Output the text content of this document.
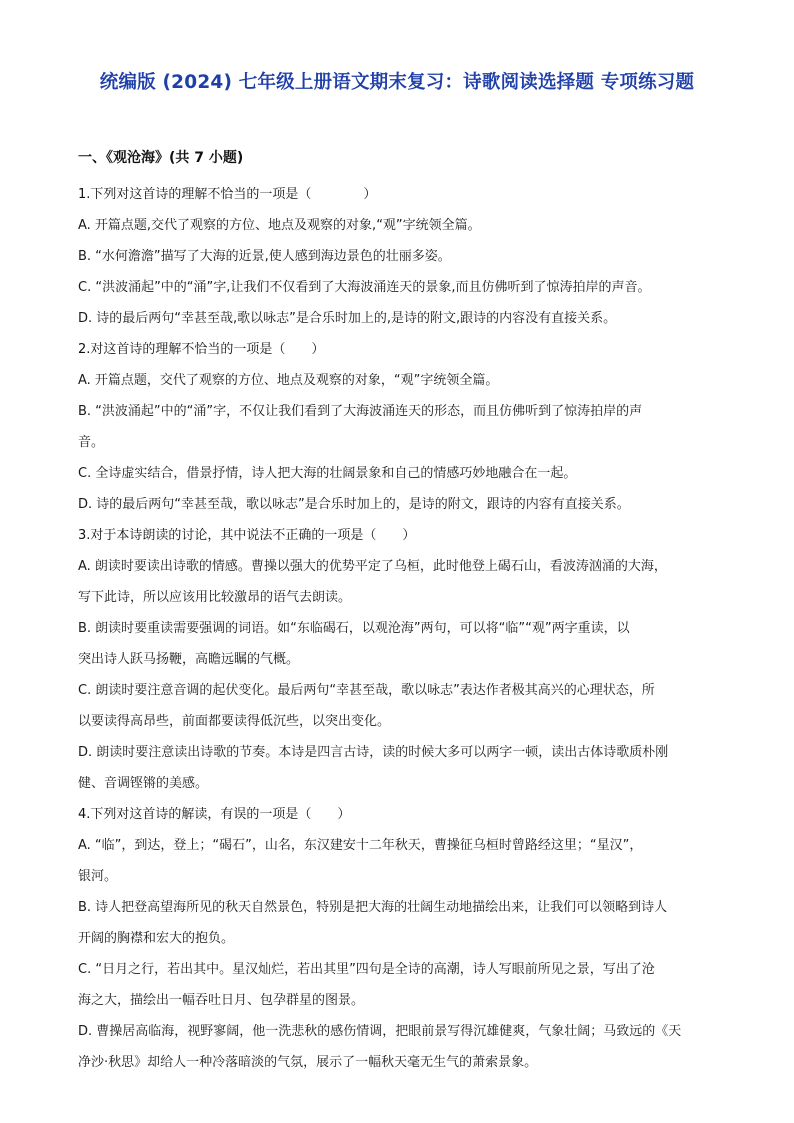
统编版 (2024) 七年级上册语文期末复习：诗歌阅读选择题 专项练习题
一、《观沧海》(共 7 小题)
1.下列对这首诗的理解不恰当的一项是（　　　　）
A. 开篇点题,交代了观察的方位、地点及观察的对象,“观”字统领全篇。
B. “水何澹澹”描写了大海的近景,使人感到海边景色的壮丽多姿。
C. “洪波涌起”中的“涌”字,让我们不仅看到了大海波涌连天的景象,而且仿佛听到了惊涛拍岸的声音。
D. 诗的最后两句“幸甚至哉,歌以咏志”是合乐时加上的,是诗的附文,跟诗的内容没有直接关系。
2.对这首诗的理解不恰当的一项是（　　）
A. 开篇点题，交代了观察的方位、地点及观察的对象，“观”字统领全篇。
B. “洪波涌起”中的“涌”字，不仅让我们看到了大海波涌连天的形态，而且仿佛听到了惊涛拍岸的声
音。
C. 全诗虚实结合，借景抒情，诗人把大海的壮阔景象和自己的情感巧妙地融合在一起。
D. 诗的最后两句“幸甚至哉，歌以咏志”是合乐时加上的，是诗的附文，跟诗的内容有直接关系。
3.对于本诗朗读的讨论，其中说法不正确的一项是（　　）
A. 朗读时要读出诗歌的情感。曹操以强大的优势平定了乌桓，此时他登上碣石山，看波涛汹涌的大海，
写下此诗，所以应该用比较激昂的语气去朗读。
B. 朗读时要重读需要强调的词语。如“东临碣石，以观沧海”两句，可以将“临”“观”两字重读，以
突出诗人跃马扬鞭，高瞻远瞩的气概。
C. 朗读时要注意音调的起伏变化。最后两句“幸甚至哉，歌以咏志”表达作者极其高兴的心理状态，所
以要读得高昂些，前面都要读得低沉些，以突出变化。
D. 朗读时要注意读出诗歌的节奏。本诗是四言古诗，读的时候大多可以两字一顿，读出古体诗歌质朴刚
健、音调铿锵的美感。
4.下列对这首诗的解读，有误的一项是（　　）
A. “临”，到达，登上；“碣石”，山名，东汉建安十二年秋天，曹操征乌桓时曾路经这里；“星汉”，
银河。
B. 诗人把登高望海所见的秋天自然景色，特别是把大海的壮阔生动地描绘出来，让我们可以领略到诗人
开阔的胸襟和宏大的抱负。
C. “日月之行，若出其中。星汉灿烂，若出其里”四句是全诗的高潮，诗人写眼前所见之景，写出了沧
海之大，描绘出一幅吞吐日月、包孕群星的图景。
D. 曹操居高临海，视野寥阔，他一洗悲秋的感伤情调，把眼前景写得沉雄健爽，气象壮阔；马致远的《天
净沙·秋思》却给人一种冷落暗淡的气氛，展示了一幅秋天毫无生气的萧索景象。
